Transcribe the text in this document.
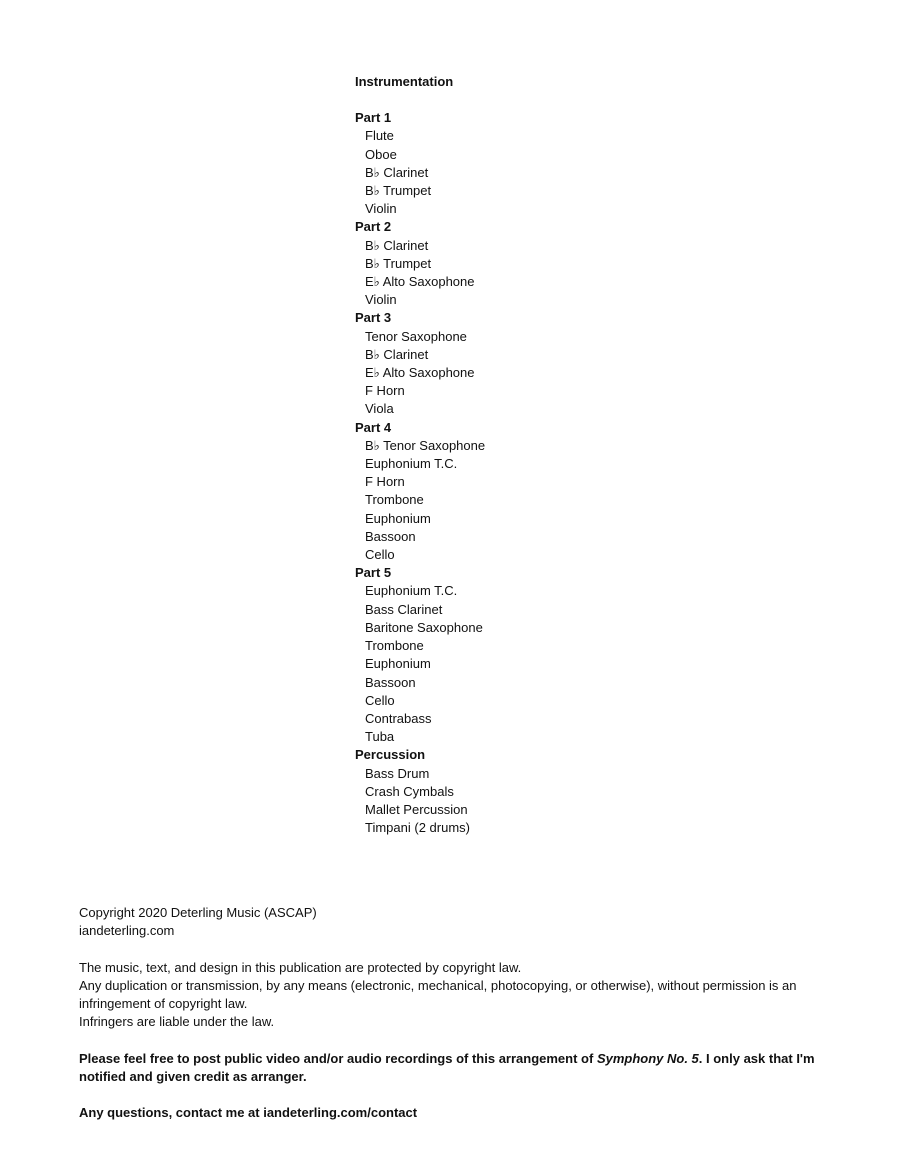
Instrumentation
Part 1
Flute
Oboe
B♭ Clarinet
B♭ Trumpet
Violin
Part 2
B♭ Clarinet
B♭ Trumpet
E♭ Alto Saxophone
Violin
Part 3
Tenor Saxophone
B♭ Clarinet
E♭ Alto Saxophone
F Horn
Viola
Part 4
B♭ Tenor Saxophone
Euphonium T.C.
F Horn
Trombone
Euphonium
Bassoon
Cello
Part 5
Euphonium T.C.
Bass Clarinet
Baritone Saxophone
Trombone
Euphonium
Bassoon
Cello
Contrabass
Tuba
Percussion
Bass Drum
Crash Cymbals
Mallet Percussion
Timpani (2 drums)
Copyright 2020 Deterling Music (ASCAP)
iandeterling.com
The music, text, and design in this publication are protected by copyright law.
Any duplication or transmission, by any means (electronic, mechanical, photocopying, or otherwise), without permission is an infringement of copyright law.
Infringers are liable under the law.
Please feel free to post public video and/or audio recordings of this arrangement of Symphony No. 5. I only ask that I'm notified and given credit as arranger.
Any questions, contact me at iandeterling.com/contact
